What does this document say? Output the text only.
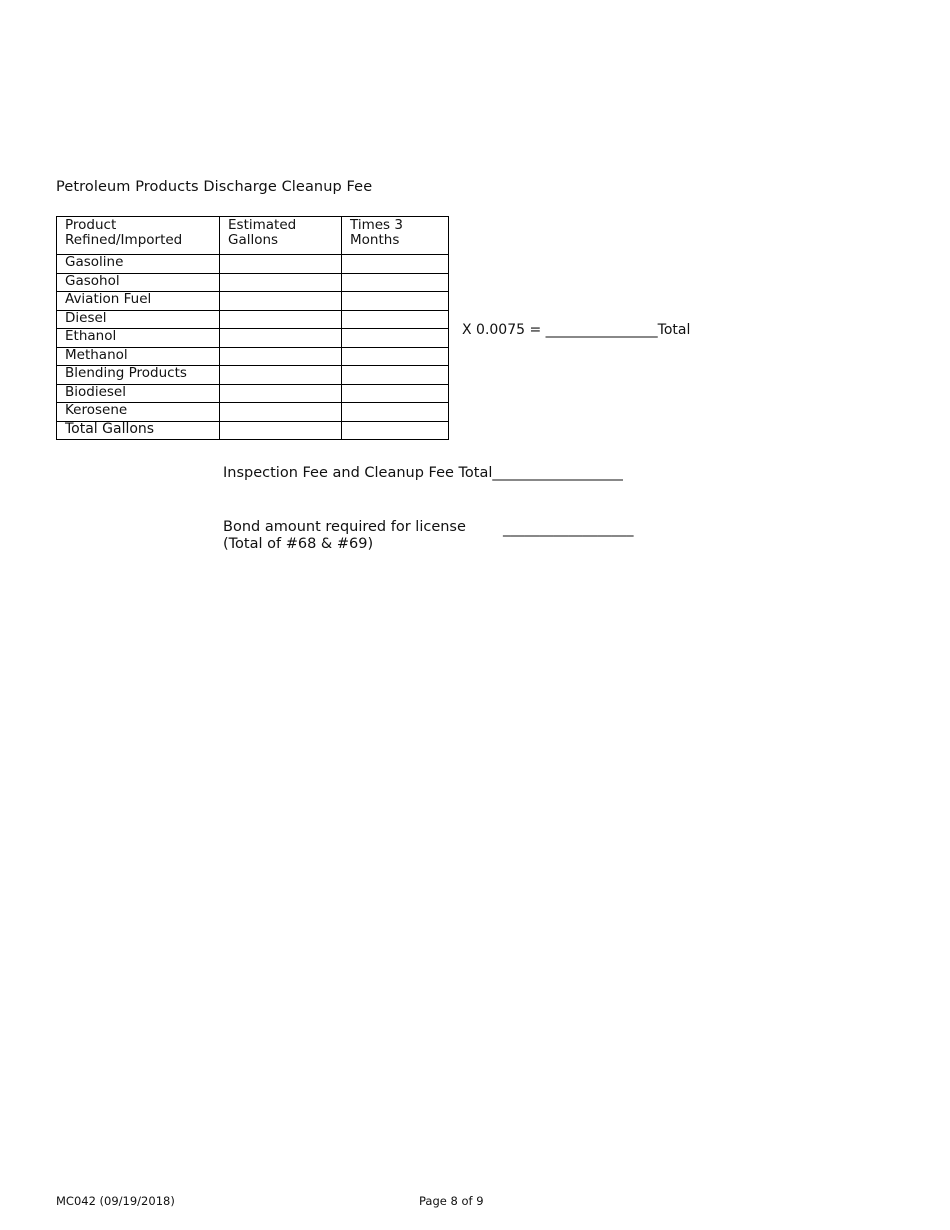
Petroleum Products Discharge Cleanup Fee
Product Refined/Imported	Estimated Gallons	Times 3 Months
Gasoline		
Gasohol		
Aviation Fuel		
Diesel		
Ethanol		
Methanol		
Blending Products		
Biodiesel		
Kerosene		
Total Gallons		
X 0.0075 = ________________Total
Inspection Fee and Cleanup Fee Total__________________
Bond amount required for license
(Total of #68 & #69)
__________________
MC042 (09/19/2018)	Page 8 of 9
